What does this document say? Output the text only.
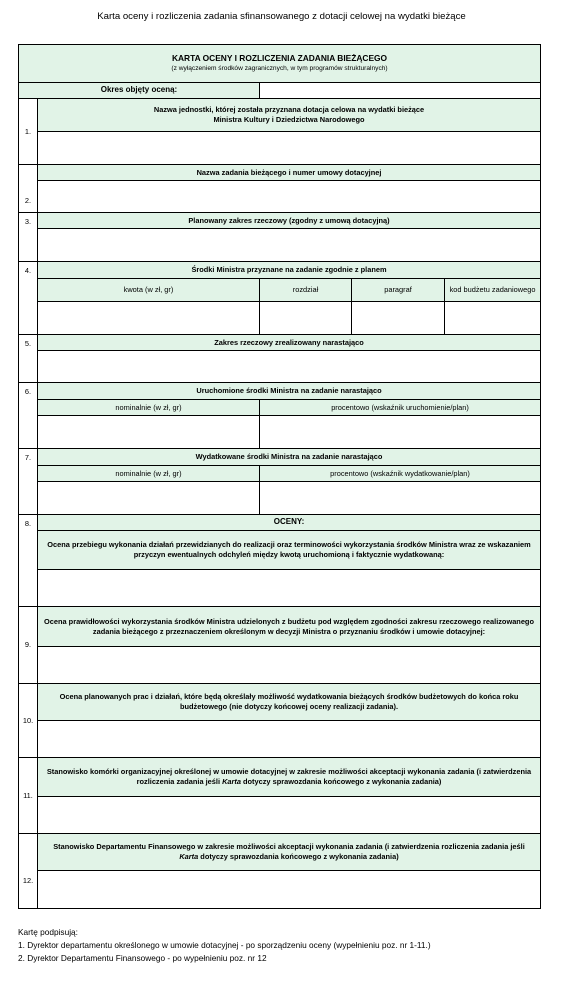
Karta oceny i rozliczenia zadania sfinansowanego z dotacji celowej na wydatki bieżące
KARTA OCENY I ROZLICZENIA ZADANIA BIEŻĄCEGO
(z wyłączeniem środków zagranicznych, w tym programów strukturalnych)				

Okres objęty oceną:				
1.	Nazwa jednostki, której została przyznana dotacja celowa na wydatki bieżące
Ministra Kultury i Dziedzictwa Narodowego			

2.	Nazwa zadania bieżącego i numer umowy dotacyjnej			

3.	Planowany zakres rzeczowy (zgodny z umową dotacyjną)			

4.	Środki Ministra przyznane na zadanie zgodnie z planem			
	kwota (w zł, gr)	rozdział	paragraf	kod budżetu zadaniowego

5.	Zakres rzeczowy zrealizowany narastająco			

6.	Uruchomione środki Ministra na zadanie narastająco			
	nominalnie (w zł, gr)	procentowo (wskaźnik uruchomienie/plan)		

7.	Wydatkowane środki Ministra na zadanie narastająco			
	nominalnie (w zł, gr)	procentowo (wskaźnik wydatkowanie/plan)		

8.	OCENY:			
	Ocena przebiegu wykonania działań przewidzianych do realizacji oraz terminowości wykorzystania środków Ministra wraz ze wskazaniem przyczyn ewentualnych odchyleń między kwotą uruchomioną i faktycznie wydatkowaną:			

9.	Ocena prawidłowości wykorzystania środków Ministra udzielonych z budżetu pod względem zgodności zakresu rzeczowego realizowanego zadania bieżącego z przeznaczeniem określonym w decyzji Ministra o przyznaniu środków i umowie dotacyjnej:			

10.	Ocena planowanych prac i działań, które będą określały możliwość wydatkowania bieżących środków budżetowych do końca roku budżetowego (nie dotyczy końcowej oceny realizacji zadania).			

11.	Stanowisko komórki organizacyjnej określonej w umowie dotacyjnej w zakresie możliwości akceptacji wykonania zadania (i zatwierdzenia rozliczenia zadania jeśli Karta dotyczy sprawozdania końcowego z wykonania zadania)			

12.	Stanowisko Departamentu Finansowego w zakresie możliwości akceptacji wykonania zadania (i zatwierdzenia rozliczenia zadania jeśli Karta dotyczy sprawozdania końcowego z wykonania zadania)			

Kartę podpisują:
1. Dyrektor departamentu określonego w umowie dotacyjnej - po sporządzeniu oceny (wypełnieniu poz. nr 1-11.)
2. Dyrektor Departamentu Finansowego - po wypełnieniu poz. nr 12
